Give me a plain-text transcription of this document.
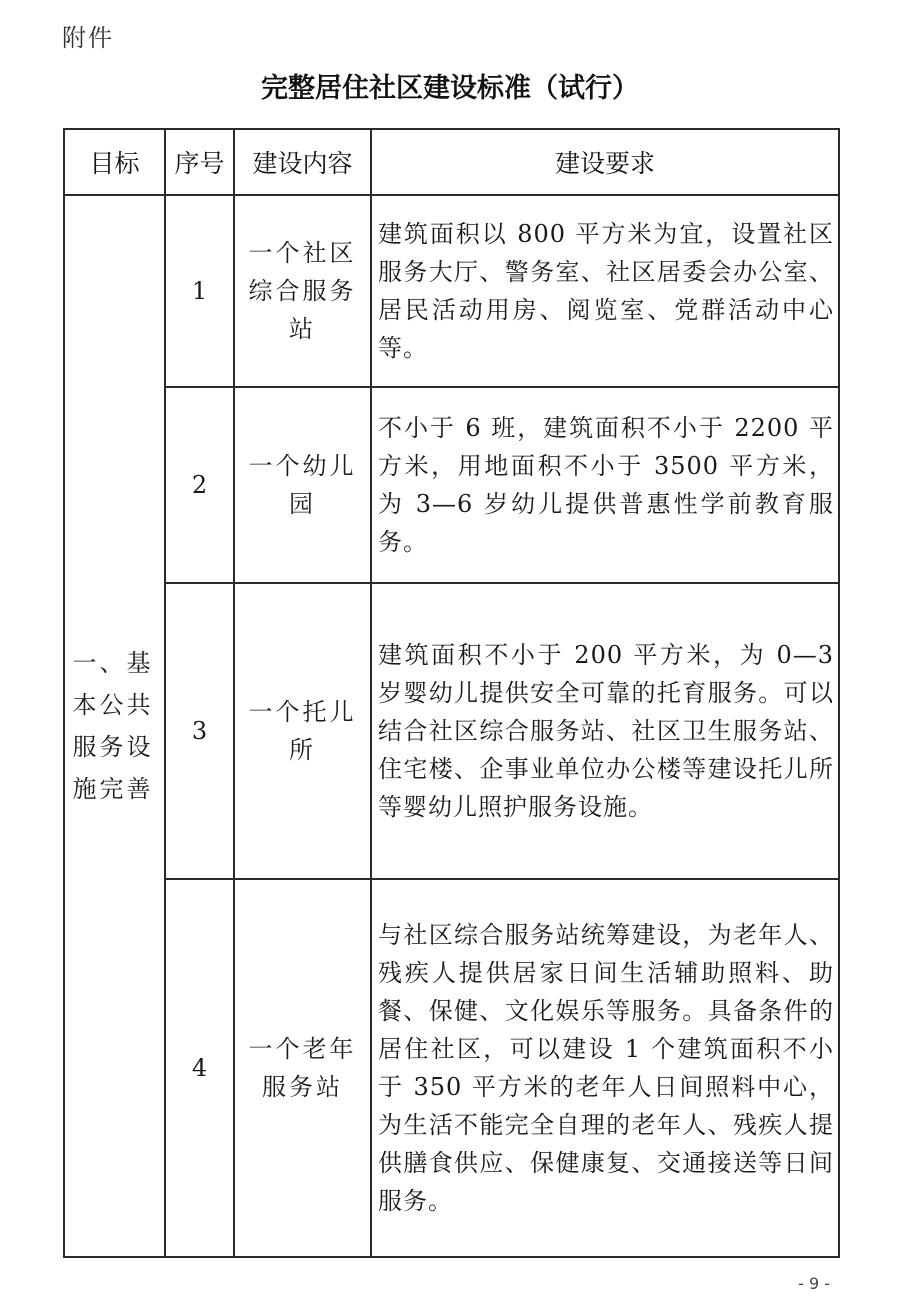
附件
完整居住社区建设标准（试行）
目标	序号	建设内容	建设要求
一、基本公共服务设施完善	1	一个社区综合服务站	建筑面积以 800 平方米为宜，设置社区服务大厅、警务室、社区居委会办公室、居民活动用房、阅览室、党群活动中心等。
	2	一个幼儿园	不小于 6 班，建筑面积不小于 2200 平方米，用地面积不小于 3500 平方米，为 3—6 岁幼儿提供普惠性学前教育服务。
	3	一个托儿所	建筑面积不小于 200 平方米，为 0—3 岁婴幼儿提供安全可靠的托育服务。可以结合社区综合服务站、社区卫生服务站、住宅楼、企事业单位办公楼等建设托儿所等婴幼儿照护服务设施。
	4	一个老年服务站	与社区综合服务站统筹建设，为老年人、残疾人提供居家日间生活辅助照料、助餐、保健、文化娱乐等服务。具备条件的居住社区，可以建设 1 个建筑面积不小于 350 平方米的老年人日间照料中心，为生活不能完全自理的老年人、残疾人提供膳食供应、保健康复、交通接送等日间服务。
- 9 -
